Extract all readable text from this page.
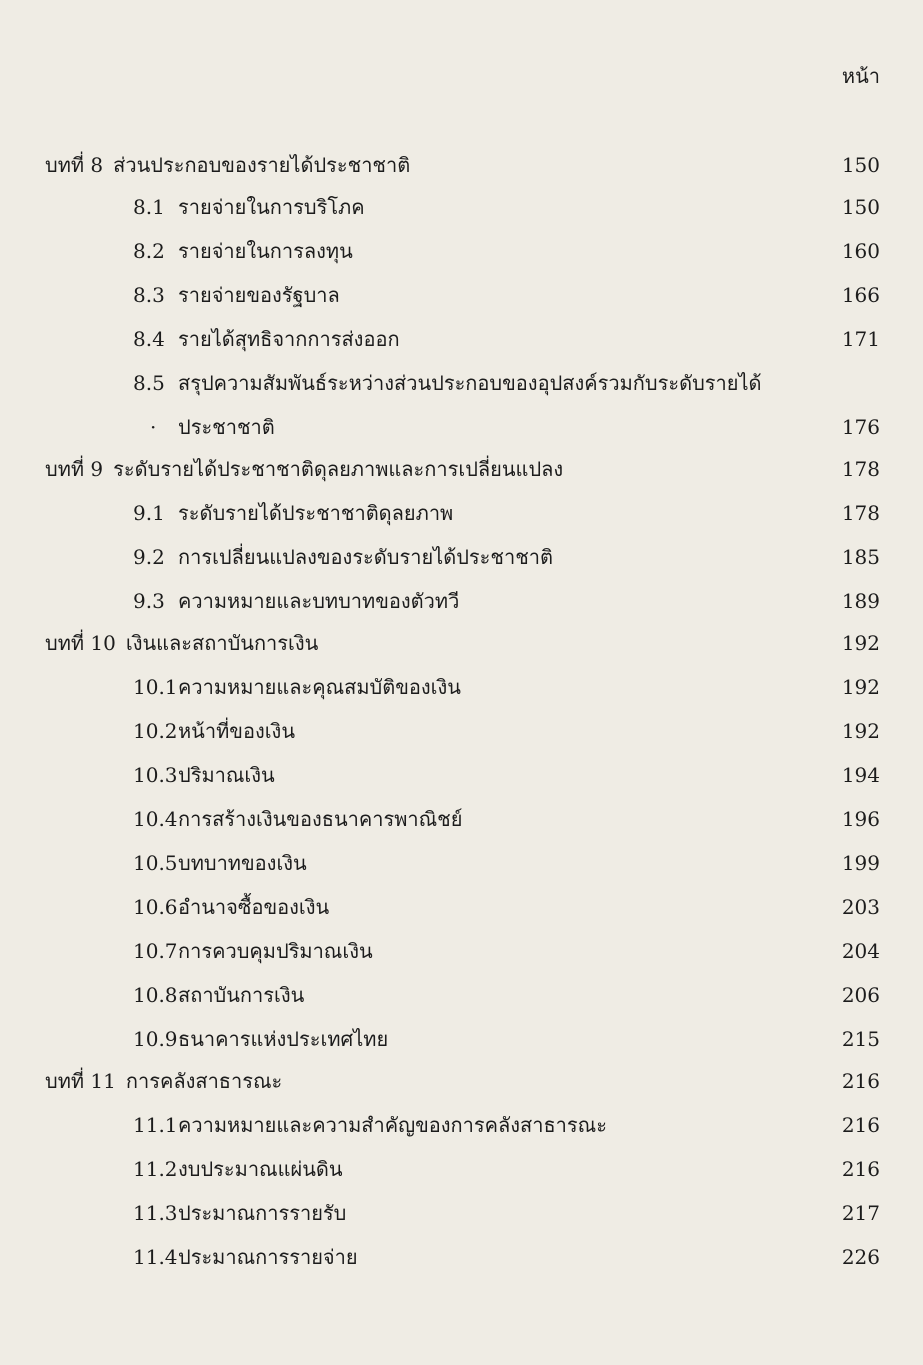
หน้า
บทที่ 8 ส่วนประกอบของรายได้ประชาชาติ	150
8.1 รายจ่ายในการบริโภค	150
8.2 รายจ่ายในการลงทุน	160
8.3 รายจ่ายของรัฐบาล	166
8.4 รายได้สุทธิจากการส่งออก	171
8.5 สรุปความสัมพันธ์ระหว่างส่วนประกอบของอุปสงค์รวมกับระดับรายได้
· ประชาชาติ	176
บทที่ 9 ระดับรายได้ประชาชาติดุลยภาพและการเปลี่ยนแปลง	178
9.1 ระดับรายได้ประชาชาติดุลยภาพ	178
9.2 การเปลี่ยนแปลงของระดับรายได้ประชาชาติ	185
9.3 ความหมายและบทบาทของตัวทวี	189
บทที่ 10 เงินและสถาบันการเงิน	192
10.1ความหมายและคุณสมบัติของเงิน	192
10.2หน้าที่ของเงิน	192
10.3ปริมาณเงิน	194
10.4การสร้างเงินของธนาคารพาณิชย์	196
10.5บทบาทของเงิน	199
10.6อำนาจซื้อของเงิน	203
10.7การควบคุมปริมาณเงิน	204
10.8สถาบันการเงิน	206
10.9ธนาคารแห่งประเทศไทย	215
บทที่ 11 การคลังสาธารณะ	216
11.1ความหมายและความสำคัญของการคลังสาธารณะ	216
11.2งบประมาณแผ่นดิน	216
11.3ประมาณการรายรับ	217
11.4ประมาณการรายจ่าย	226
